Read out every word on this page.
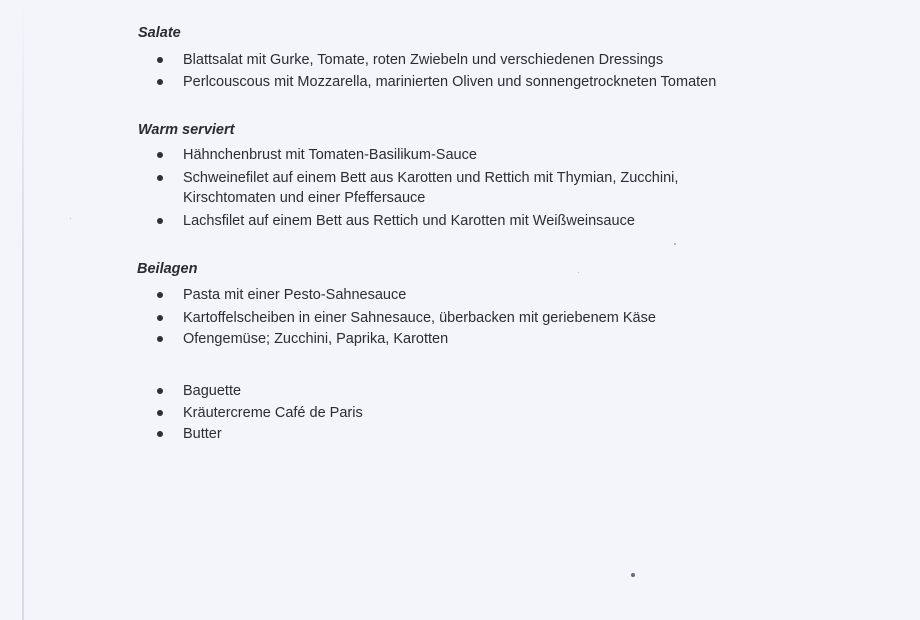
Salate
Blattsalat mit Gurke, Tomate, roten Zwiebeln und verschiedenen Dressings
Perlcouscous mit Mozzarella, marinierten Oliven und sonnengetrockneten Tomaten
Warm serviert
Hähnchenbrust mit Tomaten-Basilikum-Sauce
Schweinefilet auf einem Bett aus Karotten und Rettich mit Thymian, Zucchini,
Kirschtomaten und einer Pfeffersauce
Lachsfilet auf einem Bett aus Rettich und Karotten mit Weißweinsauce
Beilagen
Pasta mit einer Pesto-Sahnesauce
Kartoffelscheiben in einer Sahnesauce, überbacken mit geriebenem Käse
Ofengemüse; Zucchini, Paprika, Karotten
Baguette
Kräutercreme Café de Paris
Butter
